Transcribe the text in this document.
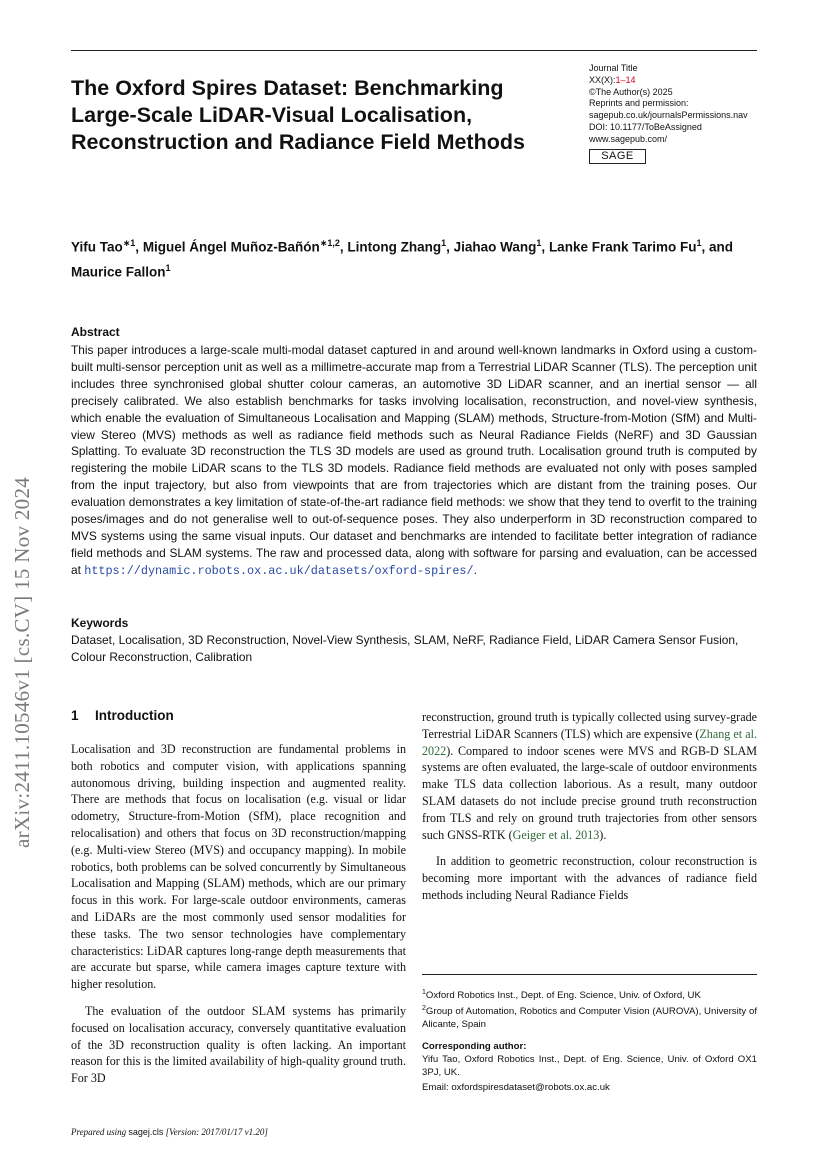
The Oxford Spires Dataset: Benchmarking Large-Scale LiDAR-Visual Localisation, Reconstruction and Radiance Field Methods
Journal Title
XX(X):1–14
©The Author(s) 2025
Reprints and permission:
sagepub.co.uk/journalsPermissions.nav
DOI: 10.1177/ToBeAssigned
www.sagepub.com/
SAGE
Yifu Tao$^{∗1}$, Miguel Ángel Muñoz-Bañón$^{∗1,2}$, Lintong Zhang$^1$, Jiahao Wang$^1$, Lanke Frank Tarimo Fu$^1$, and Maurice Fallon$^1$
arXiv:2411.10546v1 [cs.CV] 15 Nov 2024
Abstract
This paper introduces a large-scale multi-modal dataset captured in and around well-known landmarks in Oxford using a custom-built multi-sensor perception unit as well as a millimetre-accurate map from a Terrestrial LiDAR Scanner (TLS). The perception unit includes three synchronised global shutter colour cameras, an automotive 3D LiDAR scanner, and an inertial sensor — all precisely calibrated. We also establish benchmarks for tasks involving localisation, reconstruction, and novel-view synthesis, which enable the evaluation of Simultaneous Localisation and Mapping (SLAM) methods, Structure-from-Motion (SfM) and Multi-view Stereo (MVS) methods as well as radiance field methods such as Neural Radiance Fields (NeRF) and 3D Gaussian Splatting. To evaluate 3D reconstruction the TLS 3D models are used as ground truth. Localisation ground truth is computed by registering the mobile LiDAR scans to the TLS 3D models. Radiance field methods are evaluated not only with poses sampled from the input trajectory, but also from viewpoints that are from trajectories which are distant from the training poses. Our evaluation demonstrates a key limitation of state-of-the-art radiance field methods: we show that they tend to overfit to the training poses/images and do not generalise well to out-of-sequence poses. They also underperform in 3D reconstruction compared to MVS systems using the same visual inputs. Our dataset and benchmarks are intended to facilitate better integration of radiance field methods and SLAM systems. The raw and processed data, along with software for parsing and evaluation, can be accessed at https://dynamic.robots.ox.ac.uk/datasets/oxford-spires/.
Keywords
Dataset, Localisation, 3D Reconstruction, Novel-View Synthesis, SLAM, NeRF, Radiance Field, LiDAR Camera Sensor Fusion, Colour Reconstruction, Calibration
1 Introduction

Localisation and 3D reconstruction are fundamental problems in both robotics and computer vision, with applications spanning autonomous driving, building inspection and augmented reality. There are methods that focus on localisation (e.g. visual or lidar odometry, Structure-from-Motion (SfM), place recognition and relocalisation) and others that focus on 3D reconstruction/mapping (e.g. Multi-view Stereo (MVS) and occupancy mapping). In mobile robotics, both problems can be solved concurrently by Simultaneous Localisation and Mapping (SLAM) methods, which are our primary focus in this work. For large-scale outdoor environments, cameras and LiDARs are the most commonly used sensor modalities for these tasks. The two sensor technologies have complementary characteristics: LiDAR captures long-range depth measurements that are accurate but sparse, while camera images capture texture with higher resolution.

The evaluation of the outdoor SLAM systems has primarily focused on localisation accuracy, conversely quantitative evaluation of the 3D reconstruction quality is often lacking. An important reason for this is the limited availability of high-quality ground truth. For 3D

reconstruction, ground truth is typically collected using survey-grade Terrestrial LiDAR Scanners (TLS) which are expensive (Zhang et al. 2022). Compared to indoor scenes were MVS and RGB-D SLAM systems are often evaluated, the large-scale of outdoor environments make TLS data collection laborious. As a result, many outdoor SLAM datasets do not include precise ground truth reconstruction from TLS and rely on ground truth trajectories from other sensors such GNSS-RTK (Geiger et al. 2013).

In addition to geometric reconstruction, colour reconstruction is becoming more important with the advances of radiance field methods including Neural Radiance Fields

$^1$Oxford Robotics Inst., Dept. of Eng. Science, Univ. of Oxford, UK
$^2$Group of Automation, Robotics and Computer Vision (AUROVA), University of Alicante, Spain
Corresponding author:
Yifu Tao, Oxford Robotics Inst., Dept. of Eng. Science, Univ. of Oxford OX1 3PJ, UK.
Email: oxfordspiresdataset@robots.ox.ac.uk
Prepared using sagej.cls [Version: 2017/01/17 v1.20]
